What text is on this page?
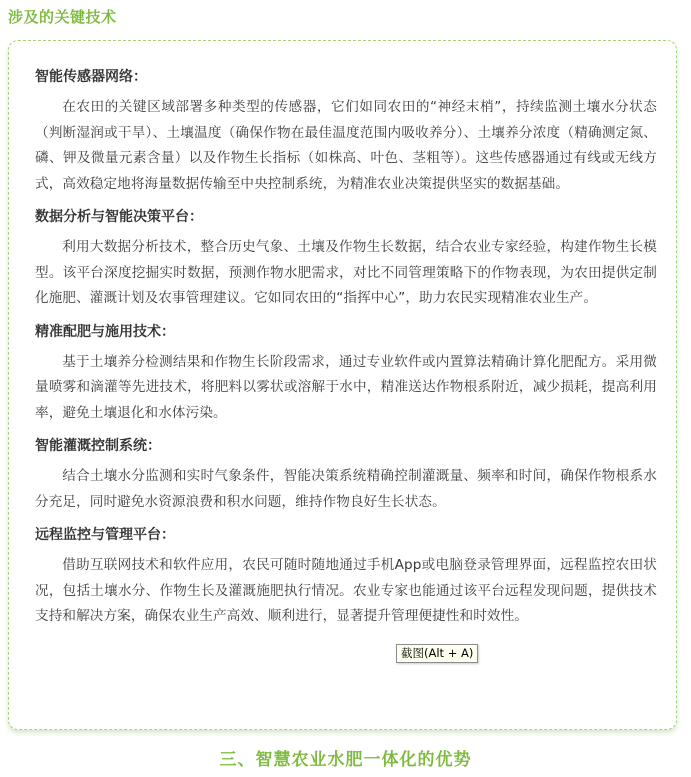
涉及的关键技术
智能传感器网络：

在农田的关键区域部署多种类型的传感器，它们如同农田的“神经末梢”，持续监测土壤水分状态（判断湿润或干旱）、土壤温度（确保作物在最佳温度范围内吸收养分）、土壤养分浓度（精确测定氮、磷、钾及微量元素含量）以及作物生长指标（如株高、叶色、茎粗等）。这些传感器通过有线或无线方式，高效稳定地将海量数据传输至中央控制系统，为精准农业决策提供坚实的数据基础。

数据分析与智能决策平台：

利用大数据分析技术，整合历史气象、土壤及作物生长数据，结合农业专家经验，构建作物生长模型。该平台深度挖掘实时数据，预测作物水肥需求，对比不同管理策略下的作物表现，为农田提供定制化施肥、灌溉计划及农事管理建议。它如同农田的“指挥中心”，助力农民实现精准农业生产。

精准配肥与施用技术：

基于土壤养分检测结果和作物生长阶段需求，通过专业软件或内置算法精确计算化肥配方。采用微量喷雾和滴灌等先进技术，将肥料以雾状或溶解于水中，精准送达作物根系附近，减少损耗，提高利用率，避免土壤退化和水体污染。

智能灌溉控制系统：

结合土壤水分监测和实时气象条件，智能决策系统精确控制灌溉量、频率和时间，确保作物根系水分充足，同时避免水资源浪费和积水问题，维持作物良好生长状态。

远程监控与管理平台：

借助互联网技术和软件应用，农民可随时随地通过手机App或电脑登录管理界面，远程监控农田状况，包括土壤水分、作物生长及灌溉施肥执行情况。农业专家也能通过该平台远程发现问题，提供技术支持和解决方案，确保农业生产高效、顺利进行，显著提升管理便捷性和时效性。

截图(Alt + A)
三、智慧农业水肥一体化的优势
